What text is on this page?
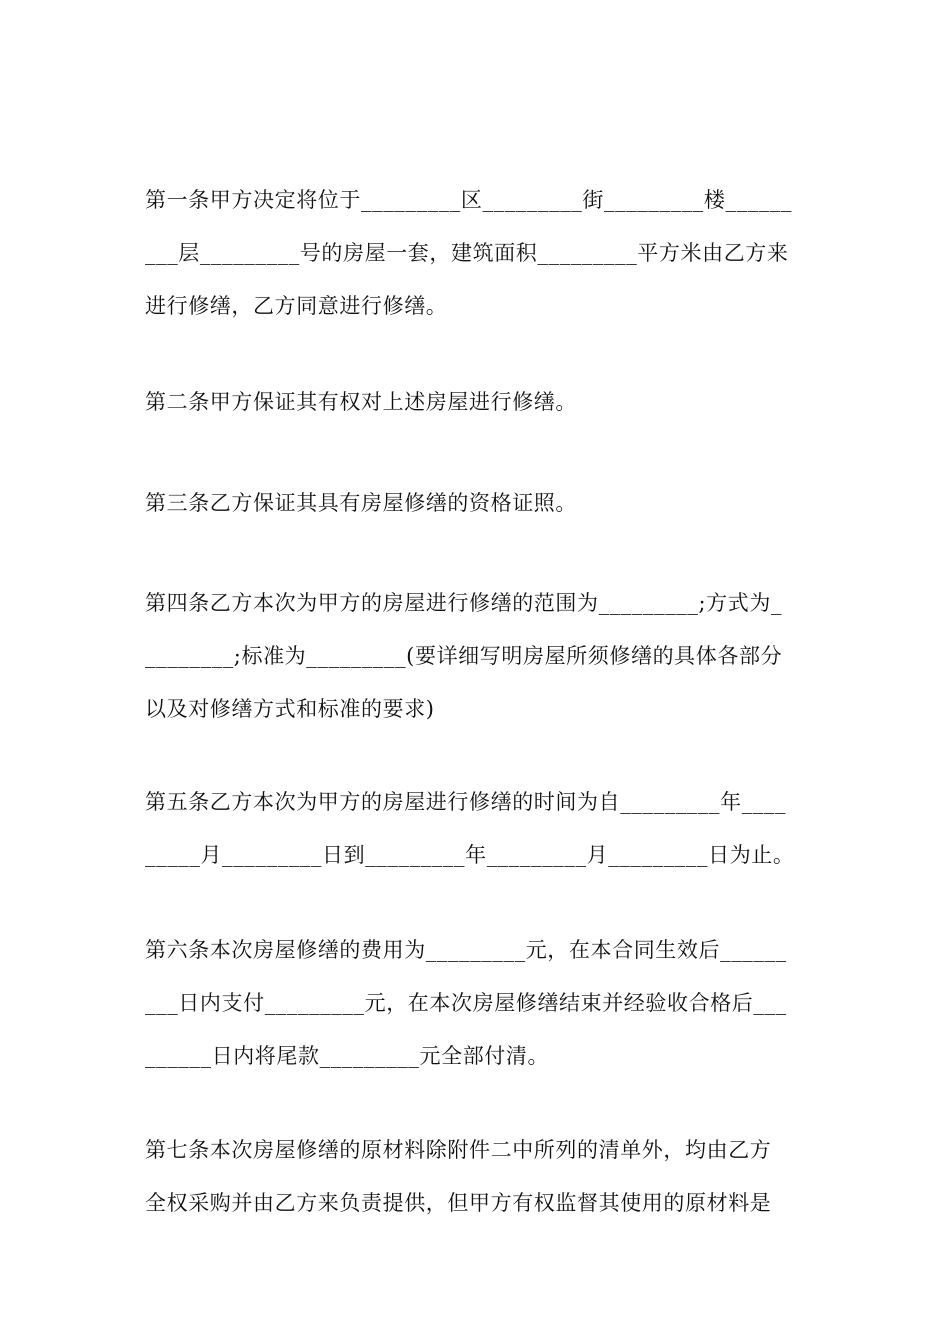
第一条甲方决定将位于_________区_________街_________楼______
___层_________号的房屋一套，建筑面积_________平方米由乙方来
进行修缮，乙方同意进行修缮。
第二条甲方保证其有权对上述房屋进行修缮。
第三条乙方保证其具有房屋修缮的资格证照。
第四条乙方本次为甲方的房屋进行修缮的范围为_________;方式为_
________;标准为_________(要详细写明房屋所须修缮的具体各部分
以及对修缮方式和标准的要求)
第五条乙方本次为甲方的房屋进行修缮的时间为自_________年____
_____月_________日到_________年_________月_________日为止。
第六条本次房屋修缮的费用为_________元，在本合同生效后______
___日内支付_________元，在本次房屋修缮结束并经验收合格后___
______日内将尾款_________元全部付清。
第七条本次房屋修缮的原材料除附件二中所列的清单外，均由乙方
全权采购并由乙方来负责提供，但甲方有权监督其使用的原材料是
